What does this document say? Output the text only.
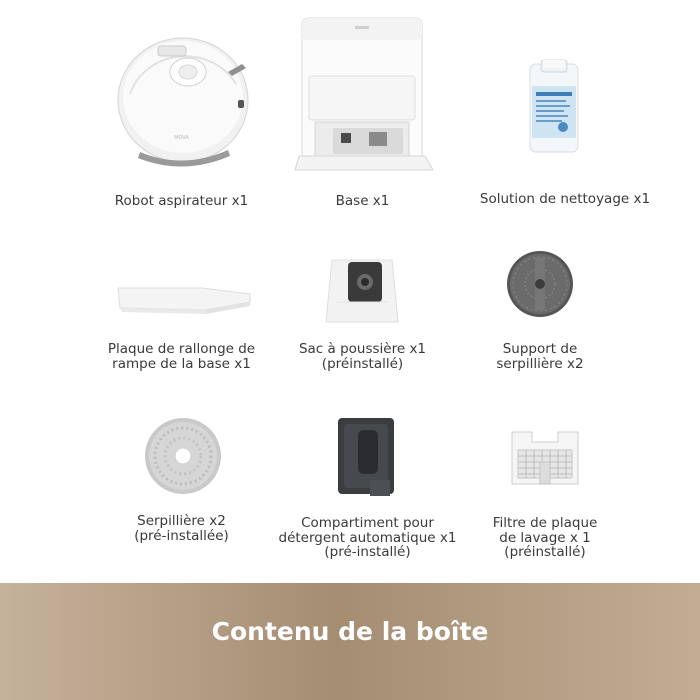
MOVA
Robot aspirateur x1	Base x1	Solution de nettoyage x1
Plaque de rallonge de
rampe de la base x1
Sac à poussière x1
(préinstallé)
Support de
serpillière x2
Serpillière x2
(pré-installée)
Compartiment pour
détergent automatique x1
(pré-installé)
Filtre de plaque
de lavage x 1
(préinstallé)
Contenu de la boîte
